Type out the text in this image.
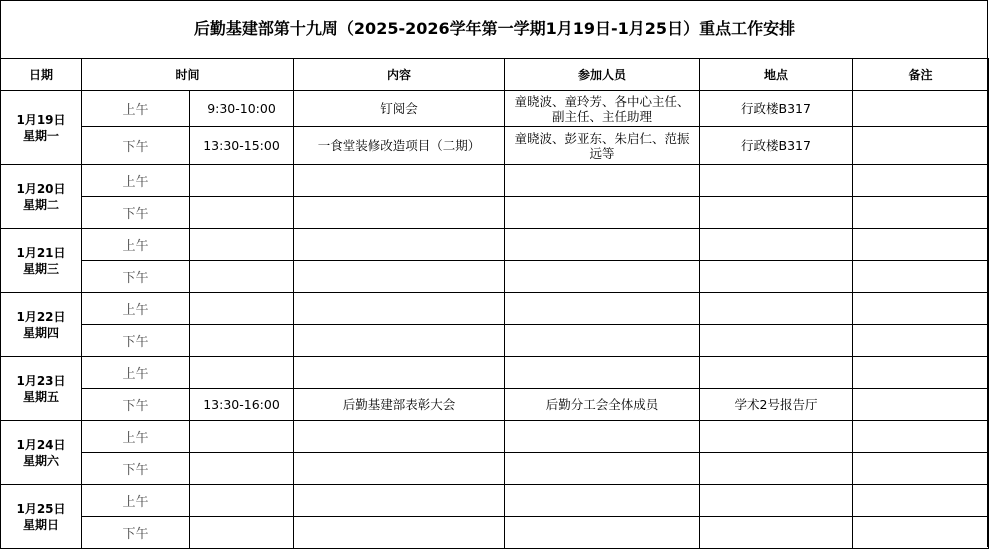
后勤基建部第十九周（2025-2026学年第一学期1月19日-1月25日）重点工作安排
日期	时间		内容	参加人员	地点	备注

1月19日
星期一	上午	9:30-10:00	钉阅会	童晓波、童玲芳、各中心主任、副主任、主任助理	行政楼B317	
	下午	13:30-15:00	一食堂装修改造项目（二期）	童晓波、彭亚东、朱启仁、范振远等	行政楼B317	

1月20日
星期二	上午					
	下午					

1月21日
星期三	上午					
	下午					

1月22日
星期四	上午					
	下午					

1月23日
星期五	上午					
	下午	13:30-16:00	后勤基建部表彰大会	后勤分工会全体成员	学术2号报告厅	

1月24日
星期六	上午					
	下午					

1月25日
星期日	上午					
	下午					
